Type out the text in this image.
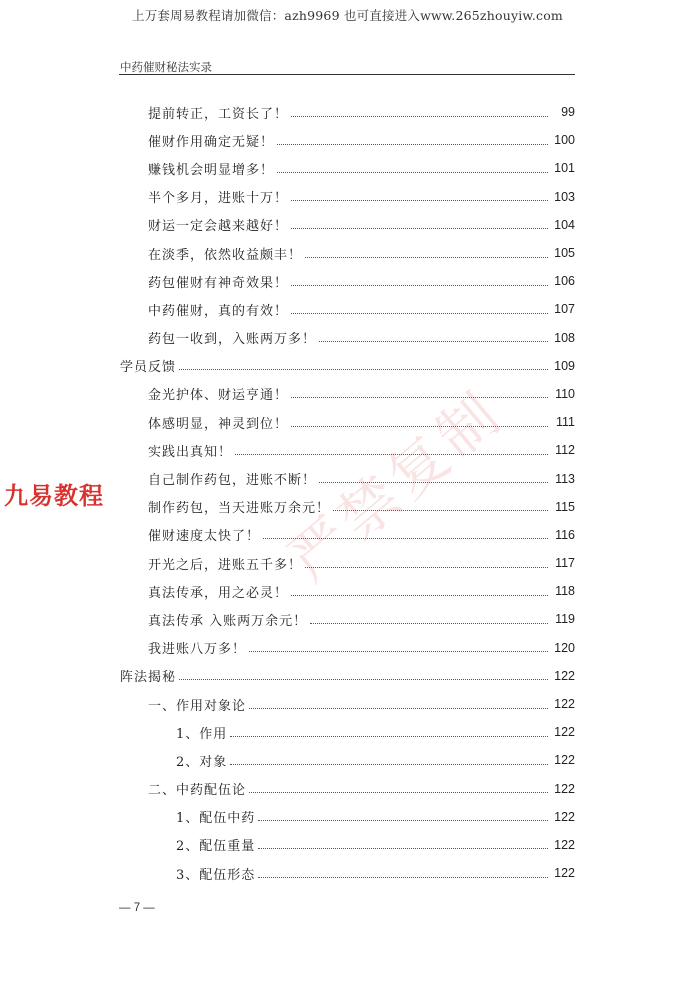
上万套周易教程请加微信：azh9969 也可直接进入www.265zhouyiw.com
中药催财秘法实录
提前转正，工资长了！	99
催财作用确定无疑！	100
赚钱机会明显增多！	101
半个多月，进账十万！	103
财运一定会越来越好！	104
在淡季，依然收益颇丰！	105
药包催财有神奇效果！	106
中药催财，真的有效！	107
药包一收到，入账两万多！	108
学员反馈	109
金光护体、财运亨通！	110
体感明显，神灵到位！	111
实践出真知！	112
自己制作药包，进账不断！	113
制作药包，当天进账万余元！	115
催财速度太快了！	116
开光之后，进账五千多！	117
真法传承，用之必灵！	118
真法传承 入账两万余元！	119
我进账八万多！	120
阵法揭秘	122
一、作用对象论	122
1、作用	122
2、对象	122
二、中药配伍论	122
1、配伍中药	122
2、配伍重量	122
3、配伍形态	122
严禁复制
九易教程
— 7 —
